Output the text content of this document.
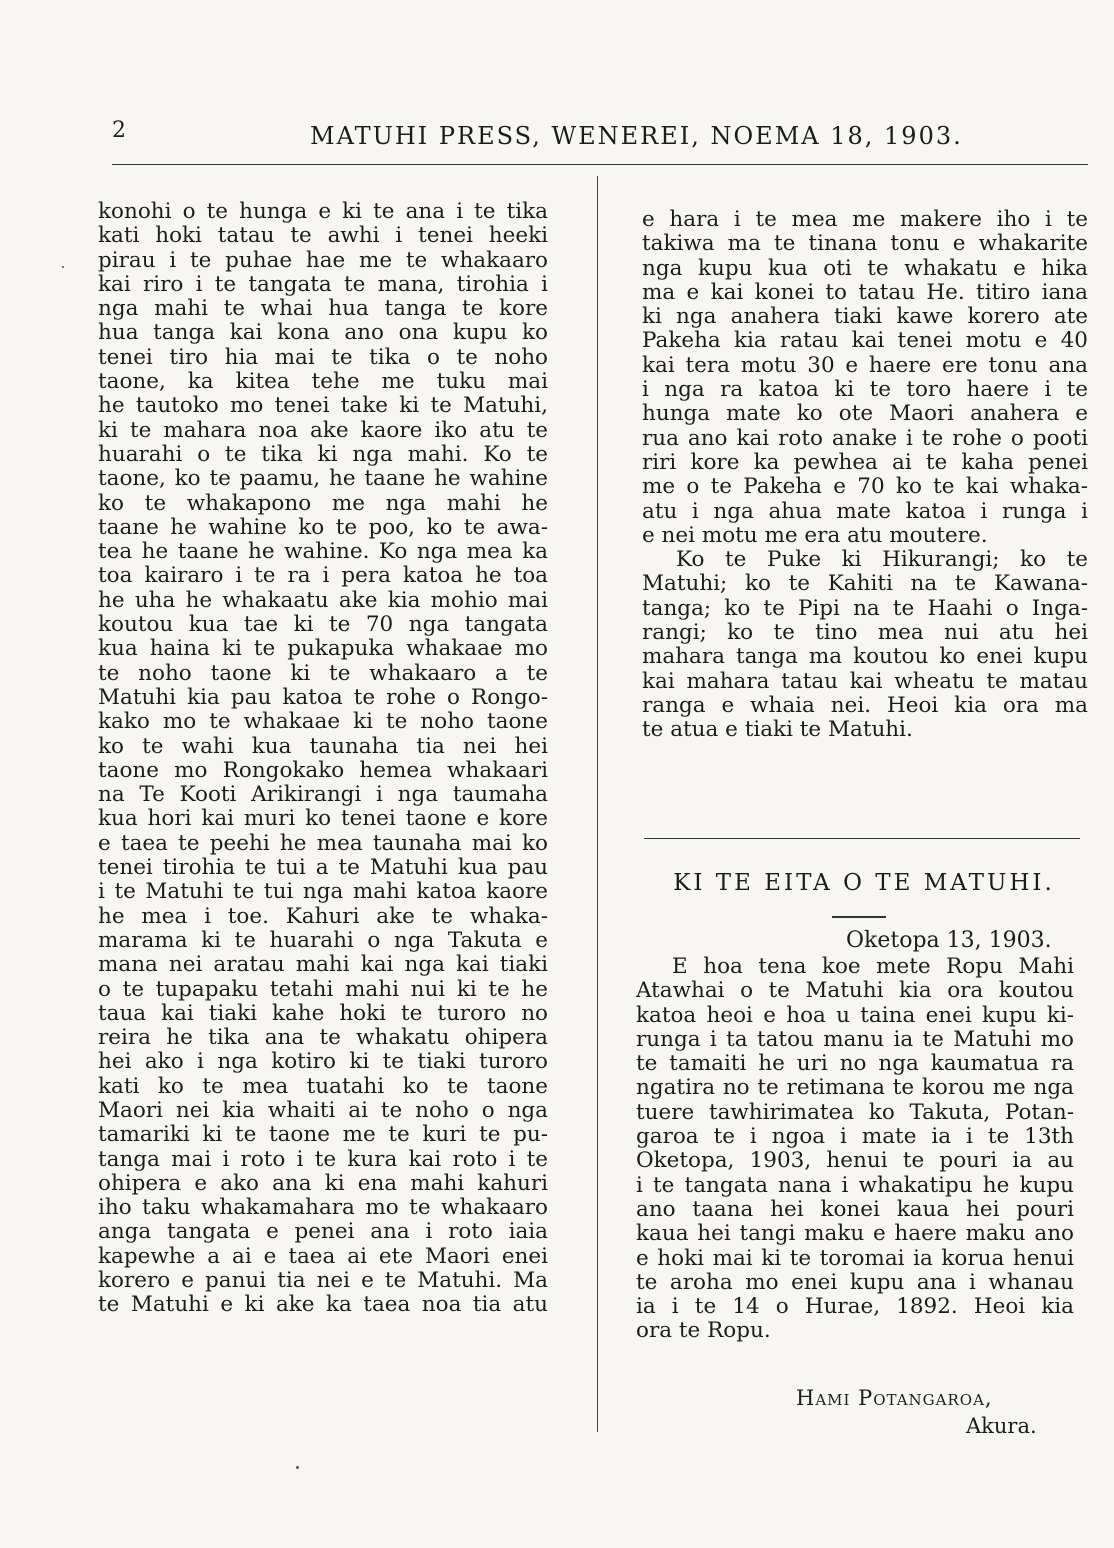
2	MATUHI PRESS, WENEREI, NOEMA 18, 1903.
konohi o te hunga e ki te ana i te tika
kati hoki tatau te awhi i tenei heeki
pirau i te puhae hae me te whakaaro
kai riro i te tangata te mana, tirohia i
nga mahi te whai hua tanga te kore
hua tanga kai kona ano ona kupu ko
tenei tiro hia mai te tika o te noho
taone, ka kitea tehe me tuku mai
he tautoko mo tenei take ki te Matuhi,
ki te mahara noa ake kaore iko atu te
huarahi o te tika ki nga mahi. Ko te
taone, ko te paamu, he taane he wahine
ko te whakapono me nga mahi he
taane he wahine ko te poo, ko te awa-
tea he taane he wahine. Ko nga mea ka
toa kairaro i te ra i pera katoa he toa
he uha he whakaatu ake kia mohio mai
koutou kua tae ki te 70 nga tangata
kua haina ki te pukapuka whakaae mo
te noho taone ki te whakaaro a te
Matuhi kia pau katoa te rohe o Rongo-
kako mo te whakaae ki te noho taone
ko te wahi kua taunaha tia nei hei
taone mo Rongokako hemea whakaari
na Te Kooti Arikirangi i nga taumaha
kua hori kai muri ko tenei taone e kore
e taea te peehi he mea taunaha mai ko
tenei tirohia te tui a te Matuhi kua pau
i te Matuhi te tui nga mahi katoa kaore
he mea i toe. Kahuri ake te whaka-
marama ki te huarahi o nga Takuta e
mana nei aratau mahi kai nga kai tiaki
o te tupapaku tetahi mahi nui ki te he
taua kai tiaki kahe hoki te turoro no
reira he tika ana te whakatu ohipera
hei ako i nga kotiro ki te tiaki turoro
kati ko te mea tuatahi ko te taone
Maori nei kia whaiti ai te noho o nga
tamariki ki te taone me te kuri te pu-
tanga mai i roto i te kura kai roto i te
ohipera e ako ana ki ena mahi kahuri
iho taku whakamahara mo te whakaaro
anga tangata e penei ana i roto iaia
kapewhe a ai e taea ai ete Maori enei
korero e panui tia nei e te Matuhi. Ma
te Matuhi e ki ake ka taea noa tia atu
e hara i te mea me makere iho i te
takiwa ma te tinana tonu e whakarite
nga kupu kua oti te whakatu e hika
ma e kai konei to tatau He. titiro iana
ki nga anahera tiaki kawe korero ate
Pakeha kia ratau kai tenei motu e 40
kai tera motu 30 e haere ere tonu ana
i nga ra katoa ki te toro haere i te
hunga mate ko ote Maori anahera e
rua ano kai roto anake i te rohe o pooti
riri kore ka pewhea ai te kaha penei
me o te Pakeha e 70 ko te kai whaka-
atu i nga ahua mate katoa i runga i
e nei motu me era atu moutere.
Ko te Puke ki Hikurangi; ko te
Matuhi; ko te Kahiti na te Kawana-
tanga; ko te Pipi na te Haahi o Inga-
rangi; ko te tino mea nui atu hei
mahara tanga ma koutou ko enei kupu
kai mahara tatau kai wheatu te matau
ranga e whaia nei. Heoi kia ora ma
te atua e tiaki te Matuhi.
KI TE EITA O TE MATUHI.
Oketopa 13, 1903.
E hoa tena koe mete Ropu Mahi
Atawhai o te Matuhi kia ora koutou
katoa heoi e hoa u taina enei kupu ki-
runga i ta tatou manu ia te Matuhi mo
te tamaiti he uri no nga kaumatua ra
ngatira no te retimana te korou me nga
tuere tawhirimatea ko Takuta, Potan-
garoa te i ngoa i mate ia i te 13th
Oketopa, 1903, henui te pouri ia au
i te tangata nana i whakatipu he kupu
ano taana hei konei kaua hei pouri
kaua hei tangi maku e haere maku ano
e hoki mai ki te toromai ia korua henui
te aroha mo enei kupu ana i whanau
ia i te 14 o Hurae, 1892. Heoi kia
ora te Ropu.
Hami Potangaroa,
Akura.
